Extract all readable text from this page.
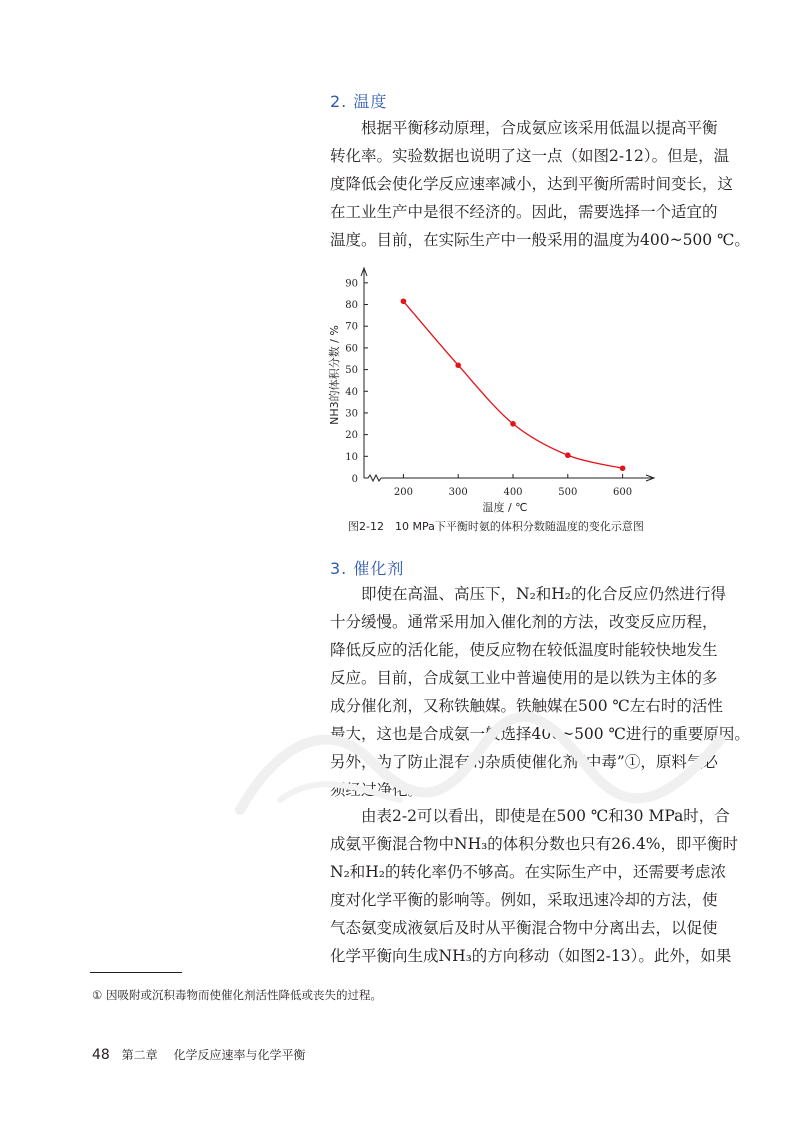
2. 温度

根据平衡移动原理，合成氨应该采用低温以提高平衡
转化率。实验数据也说明了这一点（如图2-12）。但是，温
度降低会使化学反应速率减小，达到平衡所需时间变长，这
在工业生产中是很不经济的。因此，需要选择一个适宜的
温度。目前，在实际生产中一般采用的温度为400~500 ℃。

0
10
20
30
40
50
60
70
80
90
200	300	400	500	600
温度 / ℃
NH3的体积分数 / %
图2-12　10 MPa下平衡时氨的体积分数随温度的变化示意图
3. 催化剂

即使在高温、高压下，N₂和H₂的化合反应仍然进行得
十分缓慢。通常采用加入催化剂的方法，改变反应历程，
降低反应的活化能，使反应物在较低温度时能较快地发生
反应。目前，合成氨工业中普遍使用的是以铁为主体的多
成分催化剂，又称铁触媒。铁触媒在500 ℃左右时的活性
最大，这也是合成氨一般选择400~500 ℃进行的重要原因。
另外，为了防止混有的杂质使催化剂“中毒”①，原料气必
须经过净化。

由表2-2可以看出，即使是在500 ℃和30 MPa时，合
成氨平衡混合物中NH₃的体积分数也只有26.4%，即平衡时
N₂和H₂的转化率仍不够高。在实际生产中，还需要考虑浓
度对化学平衡的影响等。例如，采取迅速冷却的方法，使
气态氨变成液氨后及时从平衡混合物中分离出去，以促使
化学平衡向生成NH₃的方向移动（如图2-13）。此外，如果

① 因吸附或沉积毒物而使催化剂活性降低或丧失的过程。
48 第二章 化学反应速率与化学平衡
